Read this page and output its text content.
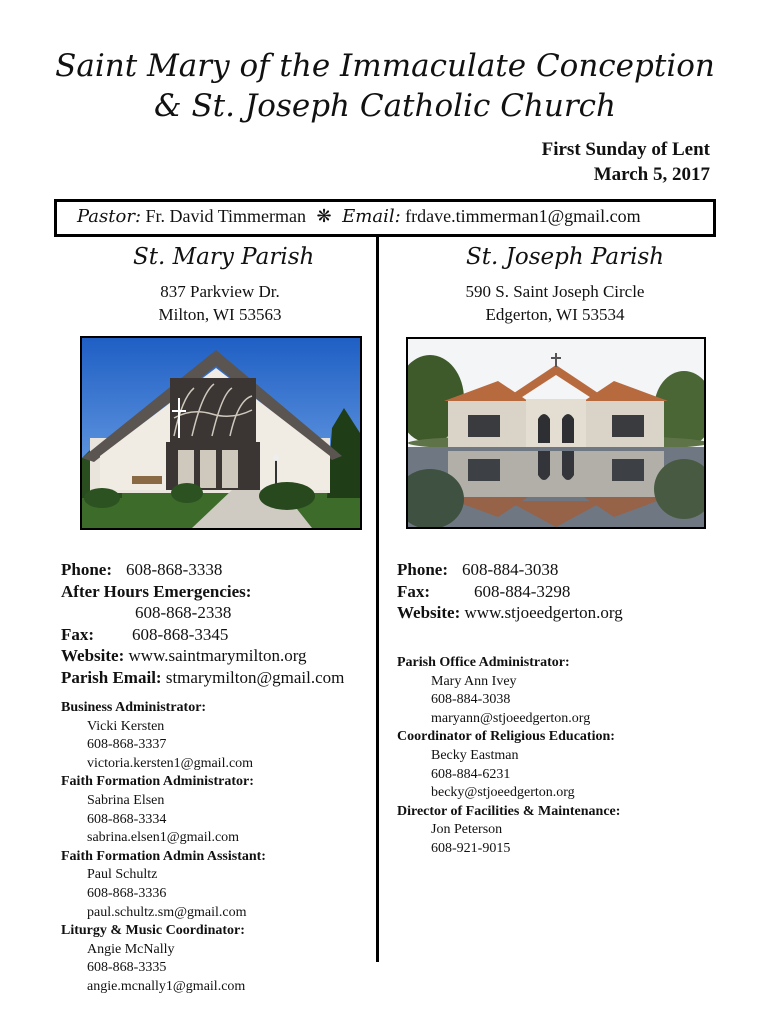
Saint Mary of the Immaculate Conception
& St. Joseph Catholic Church
First Sunday of Lent
March 5, 2017
Pastor: Fr. David Timmerman ❋ Email: frdave.timmerman1@gmail.com
St. Mary Parish
837 Parkview Dr.
Milton, WI 53563
Phone: 608-868-3338
After Hours Emergencies:
608-868-2338
Fax: 608-868-3345
Website: www.saintmarymilton.org
Parish Email: stmarymilton@gmail.com
Business Administrator:
Vicki Kersten
608-868-3337
victoria.kersten1@gmail.com
Faith Formation Administrator:
Sabrina Elsen
608-868-3334
sabrina.elsen1@gmail.com
Faith Formation Admin Assistant:
Paul Schultz
608-868-3336
paul.schultz.sm@gmail.com
Liturgy & Music Coordinator:
Angie McNally
608-868-3335
angie.mcnally1@gmail.com
St. Joseph Parish
590 S. Saint Joseph Circle
Edgerton, WI 53534
Phone: 608-884-3038
Fax:	608-884-3298
Website: www.stjoeedgerton.org
Parish Office Administrator:
Mary Ann Ivey
608-884-3038
maryann@stjoeedgerton.org
Coordinator of Religious Education:
Becky Eastman
608-884-6231
becky@stjoeedgerton.org
Director of Facilities & Maintenance:
Jon Peterson
608-921-9015
